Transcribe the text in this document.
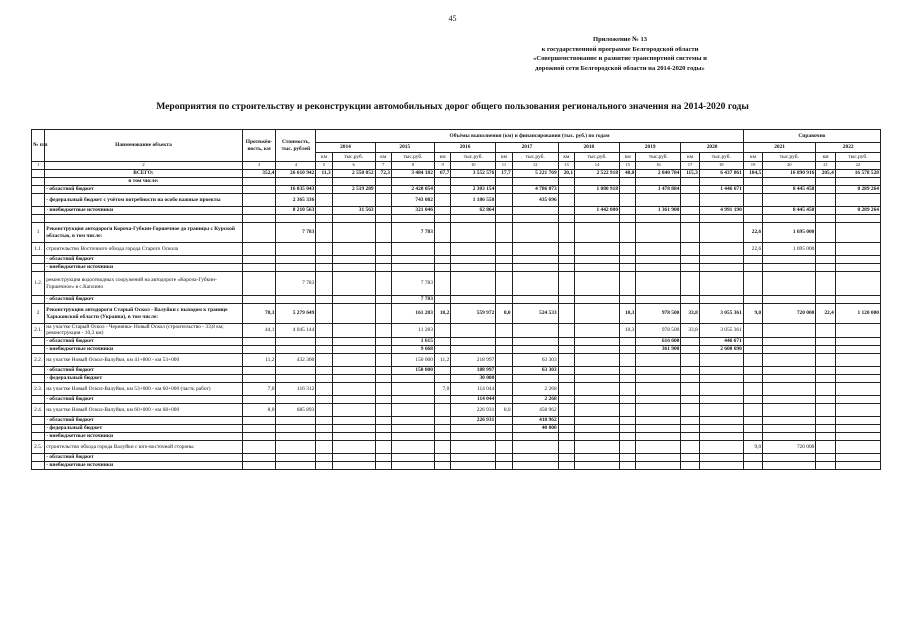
45
Приложение № 13
к государственной программе Белгородской области
«Совершенствование и развитие транспортной системы и
дорожной сети Белгородской области на 2014-2020 годы»
Мероприятия по строительству и реконструкции автомобильных дорог общего пользования регионального значения на 2014-2020 годы
№ п/п	Наименование объекта	Протяжён-ность, км	Стоимость, тыс. рублей	Объёмы выполнения (км) и финансирования (тыс. руб.) по годам														Справочно			
				2014		2015		2016		2017		2018		2019		2020		2021		2022	
				км	тыс.руб.	км	тыс.руб.	км	тыс.руб.	км	тыс.руб.	км	тыс.руб.	км	тыс.руб.	км	тыс.руб.	км	тыс.руб.	км	тыс.руб.
1	2	3	4	5	6	7	8	9	10	11	12	13	14	15	16	17	18	19	20	21	22
	ВСЕГО:	352,4	26 610 942	11,3	2 550 852	72,3	3 484 182	67,7	3 552 576	17,7	5 221 769	20,1	2 522 918	48,0	2 840 784	115,3	6 437 861	184,5	16 890 916	205,4	16 578 528
	в том числе:																				
	- областной бюджет		16 035 043		2 519 289		2 420 054		2 303 154		4 786 073		1 080 918		1 478 884		1 446 671		8 445 458		8 289 264
	- федеральный бюджет с учётом потребности на особо важные проекты		2 365 336				743 082		1 186 558		435 696										
	- внебюджетные источники		8 210 563		31 563		321 046		62 864				1 442 000		1 361 900		4 991 190		8 445 458		8 289 264

1	Реконструкция автодороги Короча-Губкин-Горшечное до границы с Курской областью, в том числе:		7 783				7 783											22,6	1 695 000		
1.1.	строительство Восточного обхода города Старого Оскола																	22,6	1 695 000		
	- областной бюджет																				
	- внебюджетные источники																				
1.2.	реконструкция водоотводных сооружений на автодороге «Короча-Губкин-Горшечное» в с.Каплино		7 783				7 783														
	- областной бюджет						7 783														
2	Реконструкция автодороги Старый Оскол - Валуйки с выходом к границе Харьковской области (Украина), в том числе:	70,3	5 279 649				161 283	18,2	559 972	8,0	524 533			10,3	978 500	33,8	3 055 361	9,0	720 000	22,4	1 120 000
2.1.	на участке Старый Оскол - Чернянка- Новый Оскол (строительство - 33,8 км; реконструкция - 10,3 км)	44,1	4 045 144				11 283							10,3	978 500	33,8	3 055 361				
	- областной бюджет						1 615								616 600		446 671				
	- внебюджетные источники						9 668								361 900		2 608 690				
2.2.	на участке Новый Оскол-Валуйки, км 41+800 - км 53+000	11,2	432 300				150 000	11,2	218 997		63 303										
	- областной бюджет						150 000		188 997		63 303										
	- федеральный бюджет								30 000												
2.3.	на участке Новый Оскол-Валуйки, км 53+000 - км 60+000 (часть работ)	7,0	116 312					7,0	114 044		2 268										
	- областной бюджет								114 044		2 268										
2.4.	на участке Новый Оскол-Валуйки, км 60+000 - км 68+000	8,0	685 893						226 931	8,0	458 962										
	- областной бюджет								226 931		418 962										
	- федеральный бюджет										40 000										
	- внебюджетные источники																				
2.5.	строительство обхода города Валуйки с юго-восточной стороны																	9,0	720 000		
	- областной бюджет																				
	- внебюджетные источники																				
